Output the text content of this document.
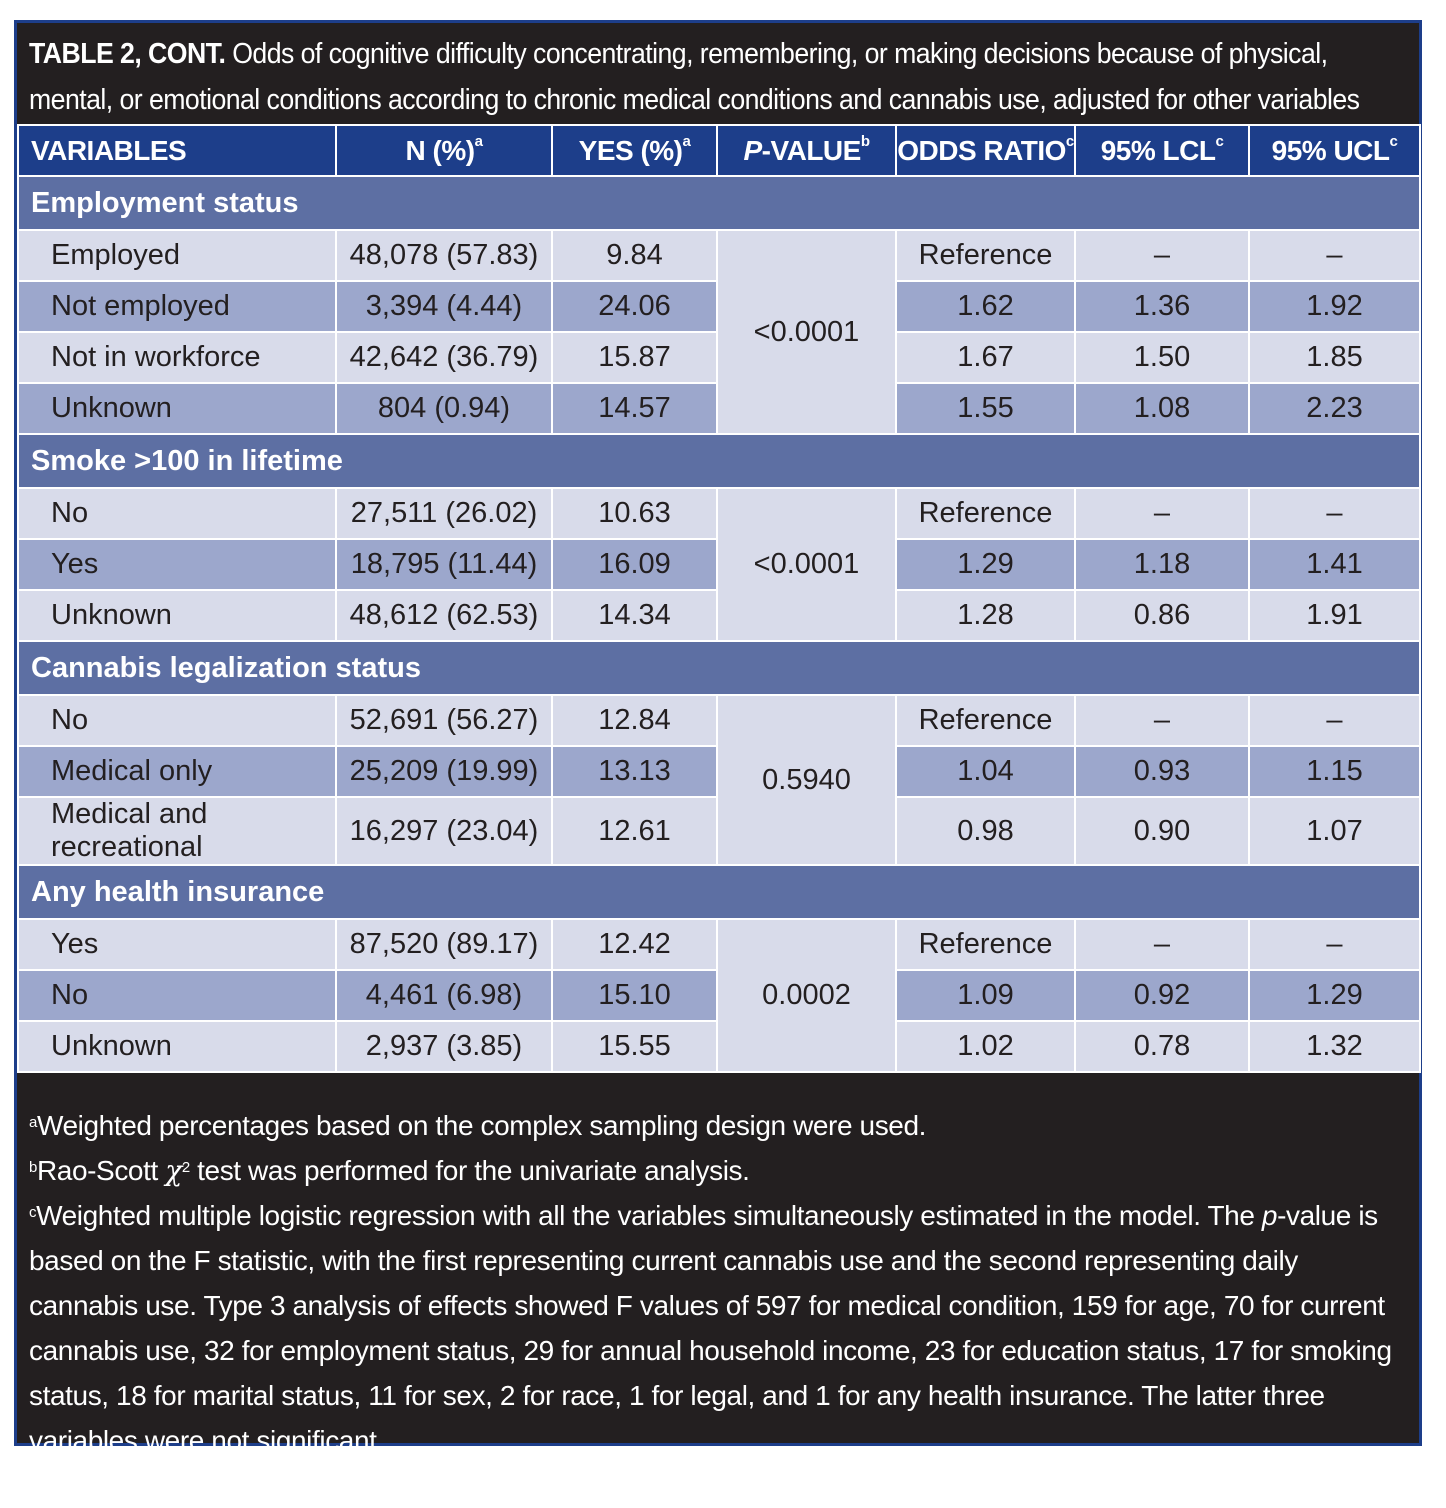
TABLE 2, CONT. Odds of cognitive difficulty concentrating, remembering, or making decisions because of physical, mental, or emotional conditions according to chronic medical conditions and cannabis use, adjusted for other variables
VARIABLES	N (%)$^a$	YES (%)$^a$	P-VALUE$^b$	ODDS RATIO$^c$	95% LCL$^c$	95% UCL$^c$
Employment status						
Employed	48,078 (57.83)	9.84	<0.0001	Reference	–	–
Not employed	3,394 (4.44)	24.06		1.62	1.36	1.92
Not in workforce	42,642 (36.79)	15.87		1.67	1.50	1.85
Unknown	804 (0.94)	14.57		1.55	1.08	2.23
Smoke >100 in lifetime						
No	27,511 (26.02)	10.63	<0.0001	Reference	–	–
Yes	18,795 (11.44)	16.09		1.29	1.18	1.41
Unknown	48,612 (62.53)	14.34		1.28	0.86	1.91
Cannabis legalization status						
No	52,691 (56.27)	12.84	0.5940	Reference	–	–
Medical only	25,209 (19.99)	13.13		1.04	0.93	1.15
Medical and recreational	16,297 (23.04)	12.61		0.98	0.90	1.07
Any health insurance						
Yes	87,520 (89.17)	12.42	0.0002	Reference	–	–
No	4,461 (6.98)	15.10		1.09	0.92	1.29
Unknown	2,937 (3.85)	15.55		1.02	0.78	1.32

$^a$Weighted percentages based on the complex sampling design were used.

$^b$Rao-Scott $\chi^2$ test was performed for the univariate analysis.

$^c$Weighted multiple logistic regression with all the variables simultaneously estimated in the model. The p-value is based on the F statistic, with the first representing current cannabis use and the second representing daily cannabis use. Type 3 analysis of effects showed F values of 597 for medical condition, 159 for age, 70 for current cannabis use, 32 for employment status, 29 for annual household income, 23 for education status, 17 for smoking status, 18 for marital status, 11 for sex, 2 for race, 1 for legal, and 1 for any health insurance. The latter three variables were not significant.

LCL: lower confidence limit; UCL: upper confidence limit
